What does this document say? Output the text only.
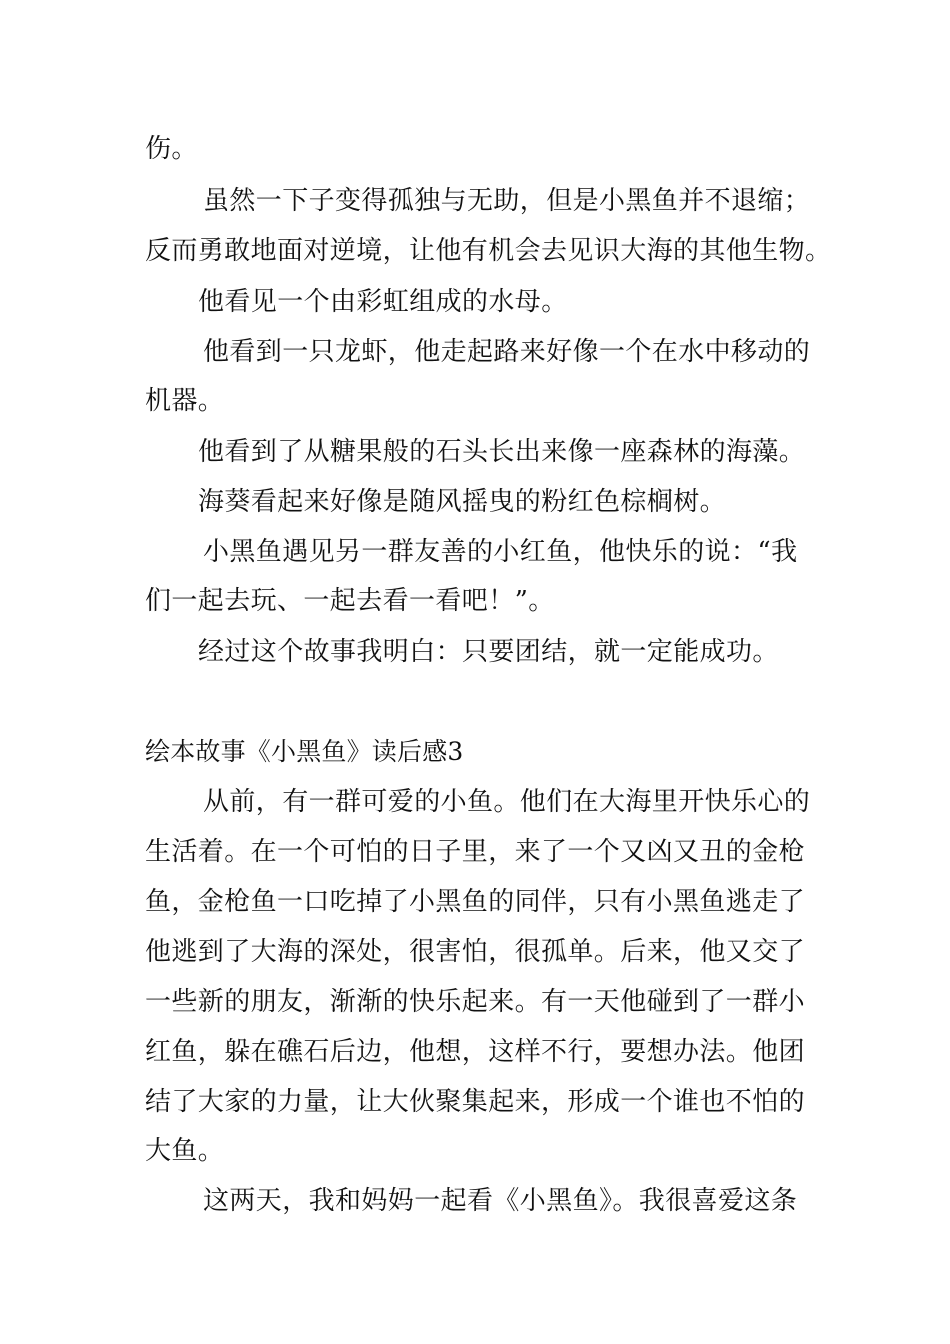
伤。

虽然一下子变得孤独与无助，但是小黑鱼并不退缩；

反而勇敢地面对逆境，让他有机会去见识大海的其他生物。

他看见一个由彩虹组成的水母。

他看到一只龙虾，他走起路来好像一个在水中移动的

机器。

他看到了从糖果般的石头长出来像一座森林的海藻。

海葵看起来好像是随风摇曳的粉红色棕榈树。

小黑鱼遇见另一群友善的小红鱼，他快乐的说：“我

们一起去玩、一起去看一看吧！”。

经过这个故事我明白：只要团结，就一定能成功。

绘本故事《小黑鱼》读后感3

从前，有一群可爱的小鱼。他们在大海里开快乐心的

生活着。在一个可怕的日子里，来了一个又凶又丑的金枪

鱼，金枪鱼一口吃掉了小黑鱼的同伴，只有小黑鱼逃走了

他逃到了大海的深处，很害怕，很孤单。后来，他又交了

一些新的朋友，渐渐的快乐起来。有一天他碰到了一群小

红鱼，躲在礁石后边，他想，这样不行，要想办法。他团

结了大家的力量，让大伙聚集起来，形成一个谁也不怕的

大鱼。

这两天，我和妈妈一起看《小黑鱼》。我很喜爱这条
